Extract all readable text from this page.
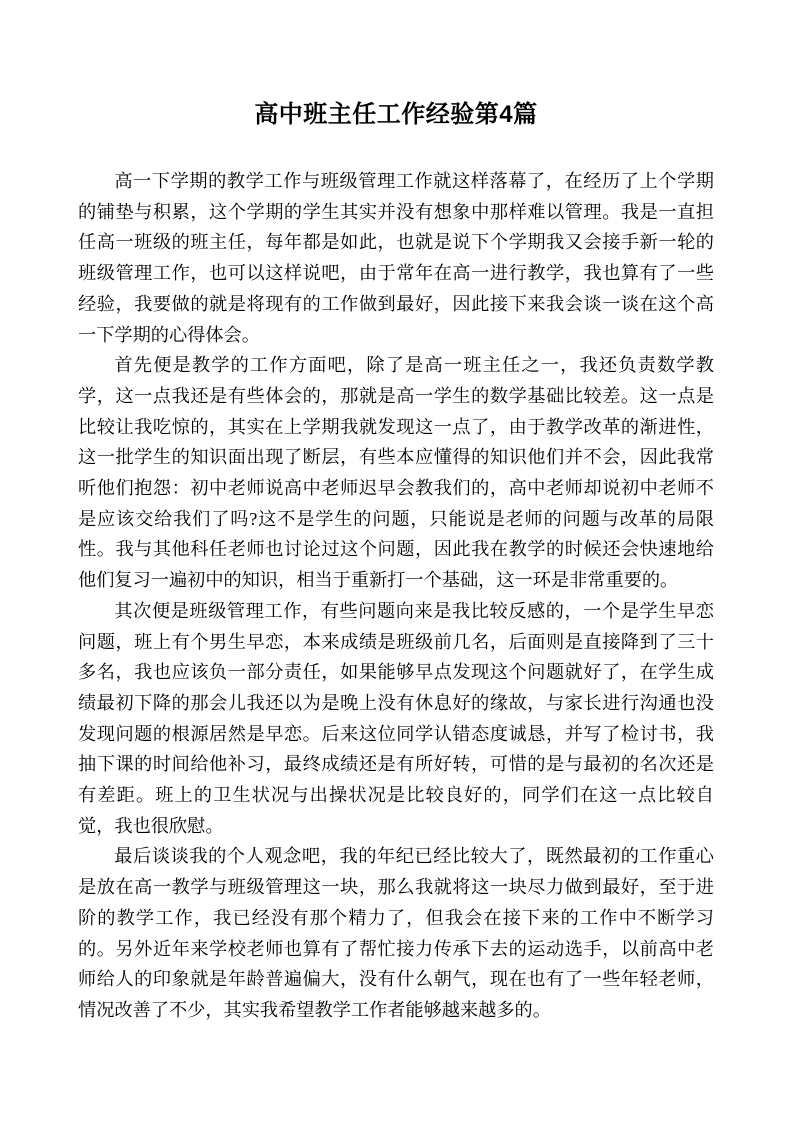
高中班主任工作经验第4篇

高一下学期的教学工作与班级管理工作就这样落幕了，在经历了上个学期的铺垫与积累，这个学期的学生其实并没有想象中那样难以管理。我是一直担任高一班级的班主任，每年都是如此，也就是说下个学期我又会接手新一轮的班级管理工作，也可以这样说吧，由于常年在高一进行教学，我也算有了一些经验，我要做的就是将现有的工作做到最好，因此接下来我会谈一谈在这个高一下学期的心得体会。

首先便是教学的工作方面吧，除了是高一班主任之一，我还负责数学教学，这一点我还是有些体会的，那就是高一学生的数学基础比较差。这一点是比较让我吃惊的，其实在上学期我就发现这一点了，由于教学改革的渐进性，这一批学生的知识面出现了断层，有些本应懂得的知识他们并不会，因此我常听他们抱怨：初中老师说高中老师迟早会教我们的，高中老师却说初中老师不是应该交给我们了吗?这不是学生的问题，只能说是老师的问题与改革的局限性。我与其他科任老师也讨论过这个问题，因此我在教学的时候还会快速地给他们复习一遍初中的知识，相当于重新打一个基础，这一环是非常重要的。

其次便是班级管理工作，有些问题向来是我比较反感的，一个是学生早恋问题，班上有个男生早恋，本来成绩是班级前几名，后面则是直接降到了三十多名，我也应该负一部分责任，如果能够早点发现这个问题就好了，在学生成绩最初下降的那会儿我还以为是晚上没有休息好的缘故，与家长进行沟通也没发现问题的根源居然是早恋。后来这位同学认错态度诚恳，并写了检讨书，我抽下课的时间给他补习，最终成绩还是有所好转，可惜的是与最初的名次还是有差距。班上的卫生状况与出操状况是比较良好的，同学们在这一点比较自觉，我也很欣慰。

最后谈谈我的个人观念吧，我的年纪已经比较大了，既然最初的工作重心是放在高一教学与班级管理这一块，那么我就将这一块尽力做到最好，至于进阶的教学工作，我已经没有那个精力了，但我会在接下来的工作中不断学习的。另外近年来学校老师也算有了帮忙接力传承下去的运动选手，以前高中老师给人的印象就是年龄普遍偏大，没有什么朝气，现在也有了一些年轻老师，情况改善了不少，其实我希望教学工作者能够越来越多的。
